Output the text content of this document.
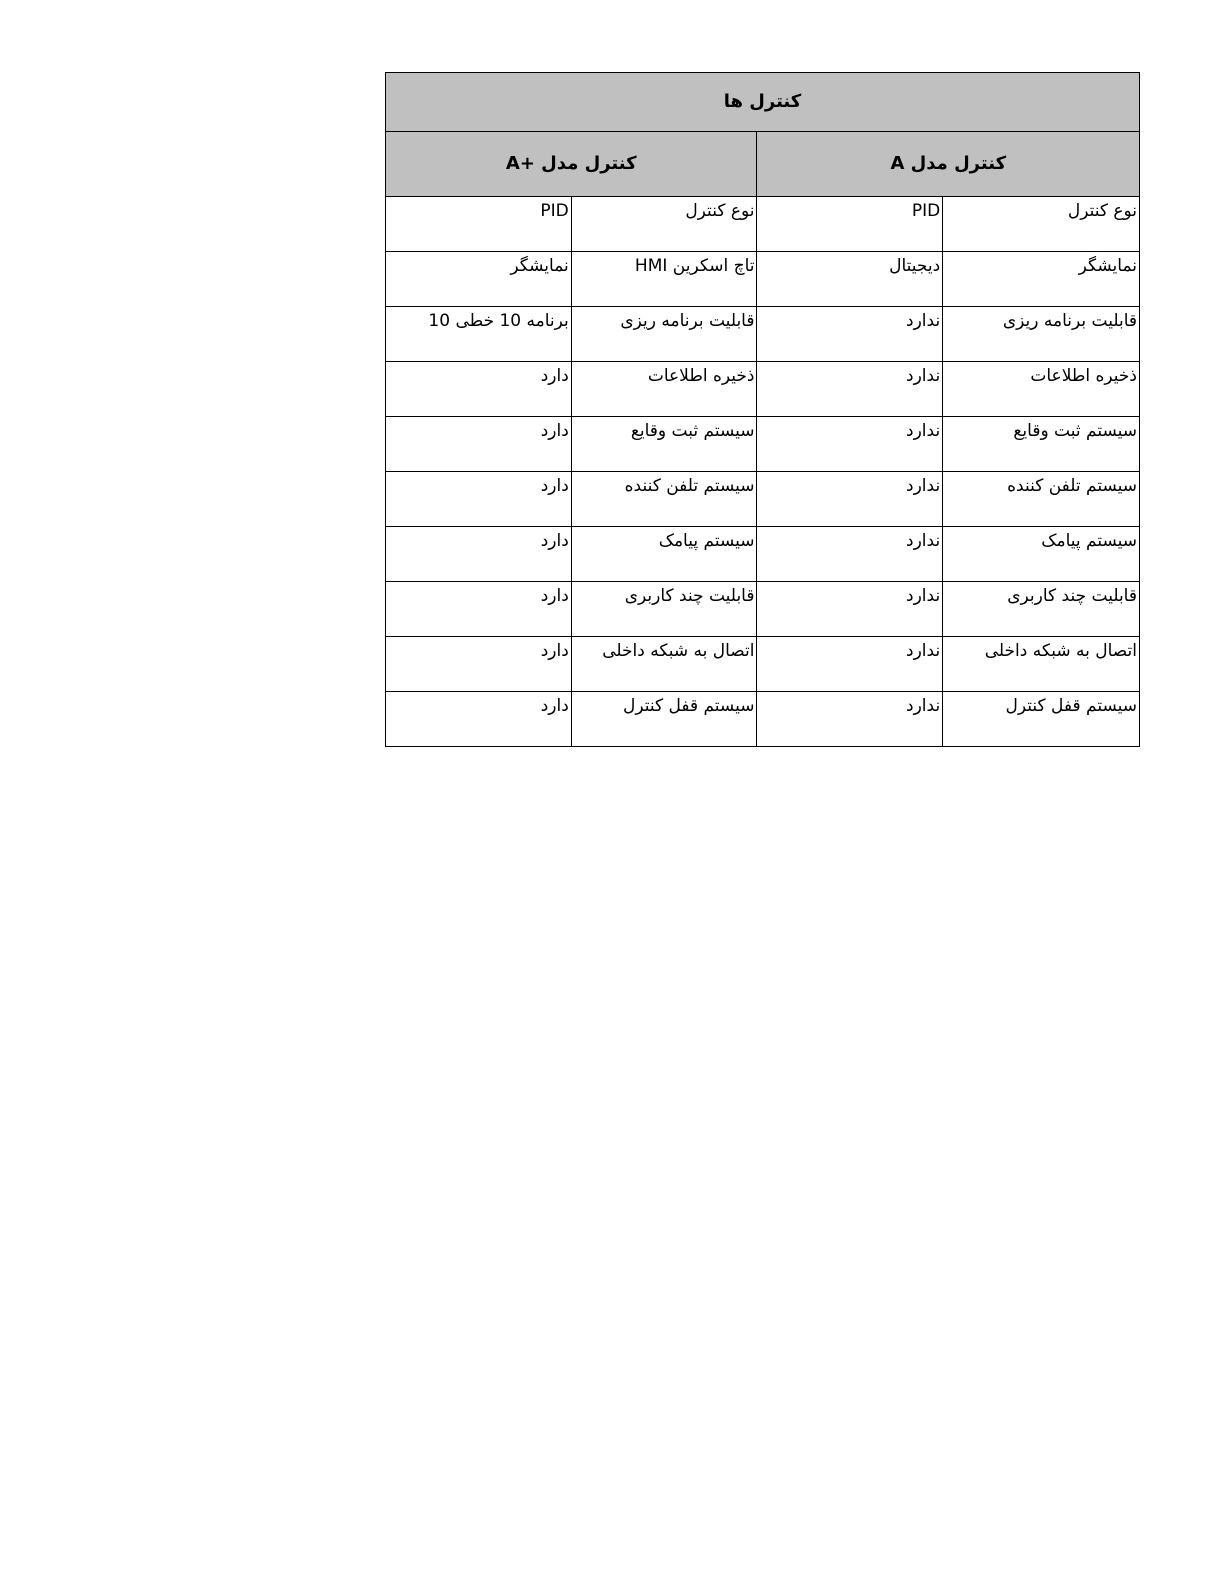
کنترل ها			
کنترل مدل A		کنترل مدل +A	
نوع کنترل	PID	نوع کنترل	PID
نمایشگر	دیجیتال	تاچ اسکرین HMI	نمایشگر
قابلیت برنامه ریزی	ندارد	قابلیت برنامه ریزی	برنامه 10 خطی 10
ذخیره اطلاعات	ندارد	ذخیره اطلاعات	دارد
سیستم ثبت وقایع	ندارد	سیستم ثبت وقایع	دارد
سیستم تلفن کننده	ندارد	سیستم تلفن کننده	دارد
سیستم پیامک	ندارد	سیستم پیامک	دارد
قابلیت چند کاربری	ندارد	قابلیت چند کاربری	دارد
اتصال به شبکه داخلی	ندارد	اتصال به شبکه داخلی	دارد
سیستم قفل کنترل	ندارد	سیستم قفل کنترل	دارد
